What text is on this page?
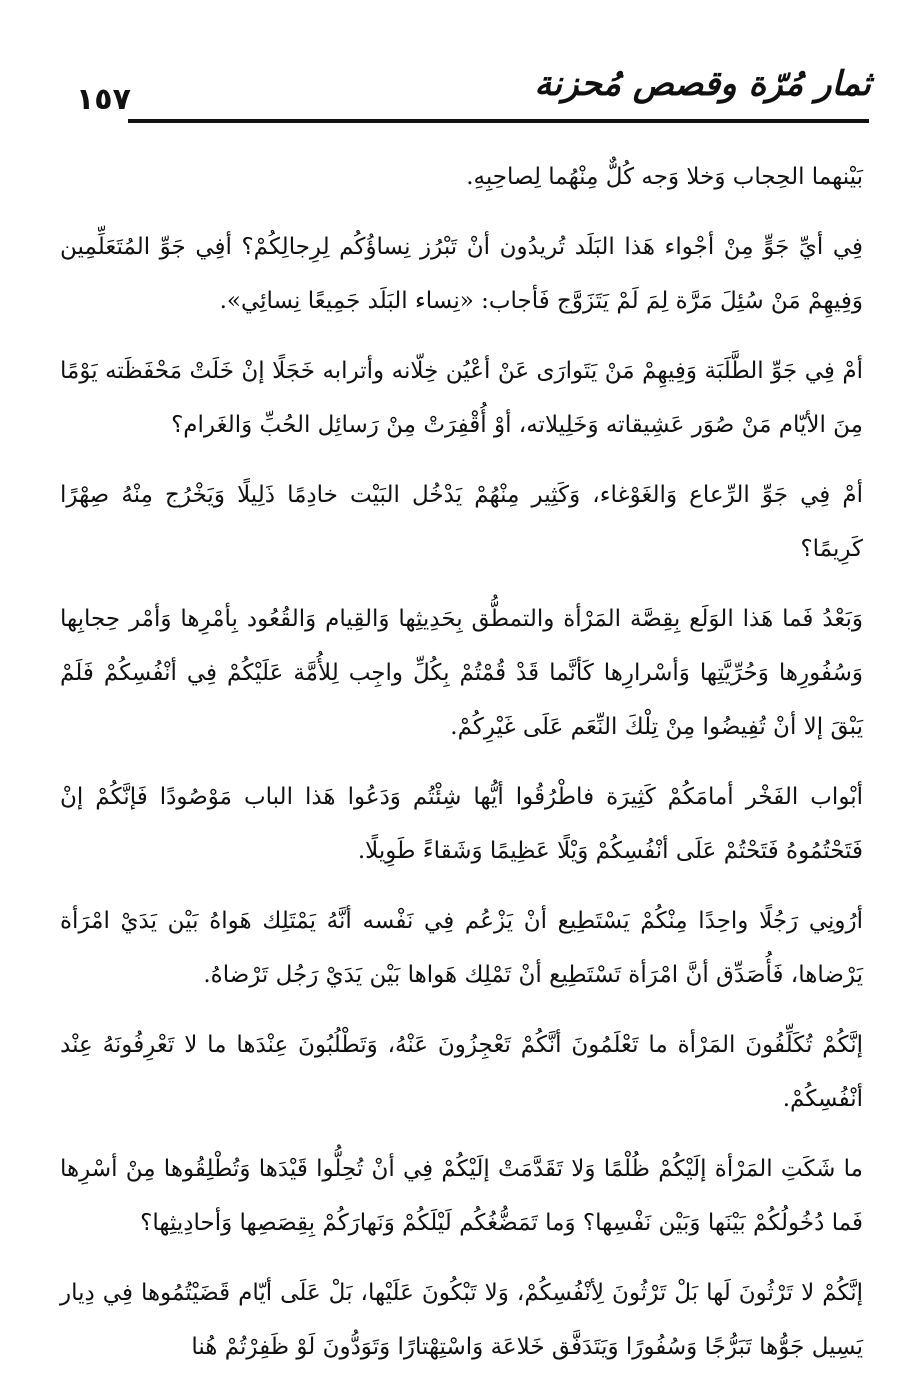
ثمار مُرّة وقصص مُحزنة
١٥٧

بَيْنهما الحِجاب وَخلا وَجه كُلٌّ مِنْهُما لِصاحِبِهِ.

فِي أيِّ جَوٍّ مِنْ أجْواء هَذا البَلَد تُريدُون أنْ تَبْرُز نِساؤُكُم لِرِجالِكُمْ؟ أفِي جَوِّ المُتَعَلِّمِين وَفِيهِمْ مَنْ سُئِلَ مَرَّة لِمَ لَمْ يَتَزَوَّج فَأجاب: «نِساء البَلَد جَمِيعًا نِسائِي».

أمْ فِي جَوِّ الطَّلَبَة وَفِيهِمْ مَنْ يَتَوارَى عَنْ أعْيُن خِلّانه وأترابه خَجَلًا إنْ خَلَتْ مَحْفَظَته يَوْمًا مِنَ الأيّام مَنْ صُوَر عَشِيقاته وَخَلِيلاته، أوْ أُقْفِرَتْ مِنْ رَسائِل الحُبِّ وَالغَرام؟

أمْ فِي جَوِّ الرِّعاع وَالغَوْغاء، وَكَثِير مِنْهُمْ يَدْخُل البَيْت خادِمًا ذَلِيلًا وَيَخْرُج مِنْهُ صِهْرًا كَرِيمًا؟

وَبَعْدُ فَما هَذا الوَلَع بِقِصَّة المَرْأة والتمطُّق بِحَدِيثِها وَالقِيام وَالقُعُود بِأمْرِها وَأمْر حِجابِها وَسُفُورِها وَحُرِّيَّتِها وَأسْرارِها كَأنَّما قَدْ قُمْتُمْ بِكُلِّ واجِب لِلأُمَّة عَلَيْكُمْ فِي أنْفُسِكُمْ فَلَمْ يَبْقَ إلا أنْ تُفِيضُوا مِنْ تِلْكَ النِّعَم عَلَى غَيْرِكُمْ.

أبْواب الفَخْر أمامَكُمْ كَثِيرَة فاطْرُقُوا أيُّها شِئْتُم وَدَعُوا هَذا الباب مَوْصُودًا فَإنَّكُمْ إنْ فَتَحْتُمُوهُ فَتَحْتُمْ عَلَى أنْفُسِكُمْ وَيْلًا عَظِيمًا وَشَقاءً طَوِيلًا.

أرُونِي رَجُلًا واحِدًا مِنْكُمْ يَسْتَطِيع أنْ يَزْعُم فِي نَفْسه أنَّهُ يَمْتَلِك هَواهُ بَيْن يَدَيْ امْرَأة يَرْضاها، فَأُصَدِّق أنَّ امْرَأة تَسْتَطِيع أنْ تَمْلِك هَواها بَيْن يَدَيْ رَجُل تَرْضاهُ.

إنَّكُمْ تُكَلِّفُونَ المَرْأة ما تَعْلَمُونَ أنَّكُمْ تَعْجِزُونَ عَنْهُ، وَتَطْلُبُونَ عِنْدَها ما لا تَعْرِفُونَهُ عِنْد أنْفُسِكُمْ.

ما شَكَتِ المَرْأة إلَيْكُمْ ظُلْمًا وَلا تَقَدَّمَتْ إلَيْكُمْ فِي أنْ تُحِلُّوا قَيْدَها وَتُطْلِقُوها مِنْ أسْرِها فَما دُخُولُكُمْ بَيْنَها وَبَيْن نَفْسِها؟ وَما تَمَضُّغُكُم لَيْلَكُمْ وَنَهارَكُمْ بِقِصَصِها وَأحادِيثِها؟

إنَّكُمْ لا تَرْثُونَ لَها بَلْ تَرْثُونَ لِأنْفُسِكُمْ، وَلا تَبْكُونَ عَلَيْها، بَلْ عَلَى أيّام قَضَيْتُمُوها فِي دِيار يَسِيل جَوُّها تَبَرُّجًا وَسُفُورًا وَيَتَدَفَّق خَلاعَة وَاسْتِهْتارًا وَتَوَدُّونَ لَوْ ظَفِرْتُمْ هُنا
